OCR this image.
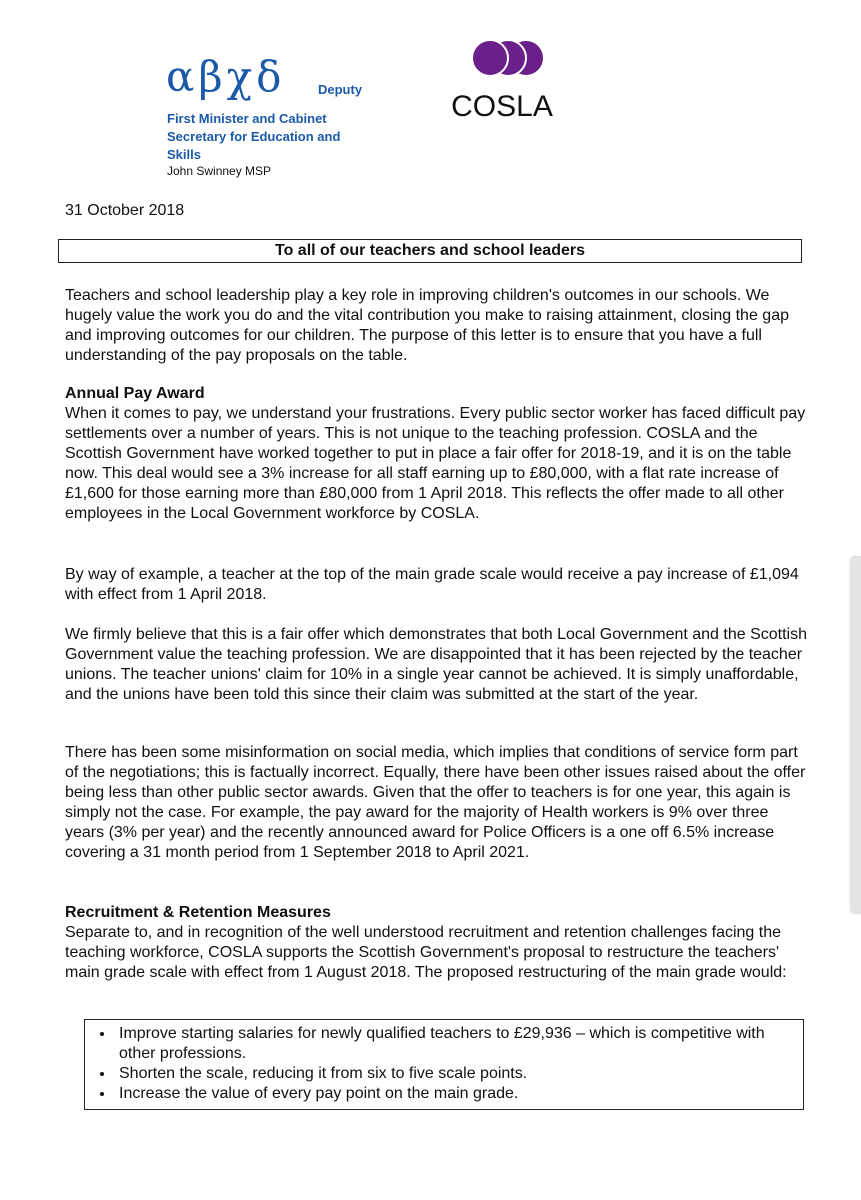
αβχδ	Deputy
First Minister and Cabinet Secretary for Education and Skills
John Swinney MSP
COSLA
31 October 2018
To all of our teachers and school leaders

Teachers and school leadership play a key role in improving children's outcomes in our schools. We hugely value the work you do and the vital contribution you make to raising attainment, closing the gap and improving outcomes for our children. The purpose of this letter is to ensure that you have a full understanding of the pay proposals on the table.

Annual Pay Award

When it comes to pay, we understand your frustrations. Every public sector worker has faced difficult pay settlements over a number of years. This is not unique to the teaching profession. COSLA and the Scottish Government have worked together to put in place a fair offer for 2018-19, and it is on the table now. This deal would see a 3% increase for all staff earning up to £80,000, with a flat rate increase of £1,600 for those earning more than £80,000 from 1 April 2018. This reflects the offer made to all other employees in the Local Government workforce by COSLA.

By way of example, a teacher at the top of the main grade scale would receive a pay increase of £1,094 with effect from 1 April 2018.

We firmly believe that this is a fair offer which demonstrates that both Local Government and the Scottish Government value the teaching profession. We are disappointed that it has been rejected by the teacher unions. The teacher unions' claim for 10% in a single year cannot be achieved. It is simply unaffordable, and the unions have been told this since their claim was submitted at the start of the year.

There has been some misinformation on social media, which implies that conditions of service form part of the negotiations; this is factually incorrect. Equally, there have been other issues raised about the offer being less than other public sector awards. Given that the offer to teachers is for one year, this again is simply not the case. For example, the pay award for the majority of Health workers is 9% over three years (3% per year) and the recently announced award for Police Officers is a one off 6.5% increase covering a 31 month period from 1 September 2018 to April 2021.

Recruitment & Retention Measures

Separate to, and in recognition of the well understood recruitment and retention challenges facing the teaching workforce, COSLA supports the Scottish Government's proposal to restructure the teachers' main grade scale with effect from 1 August 2018. The proposed restructuring of the main grade would:

• Improve starting salaries for newly qualified teachers to £29,936 – which is competitive with other professions.
• Shorten the scale, reducing it from six to five scale points.
• Increase the value of every pay point on the main grade.
